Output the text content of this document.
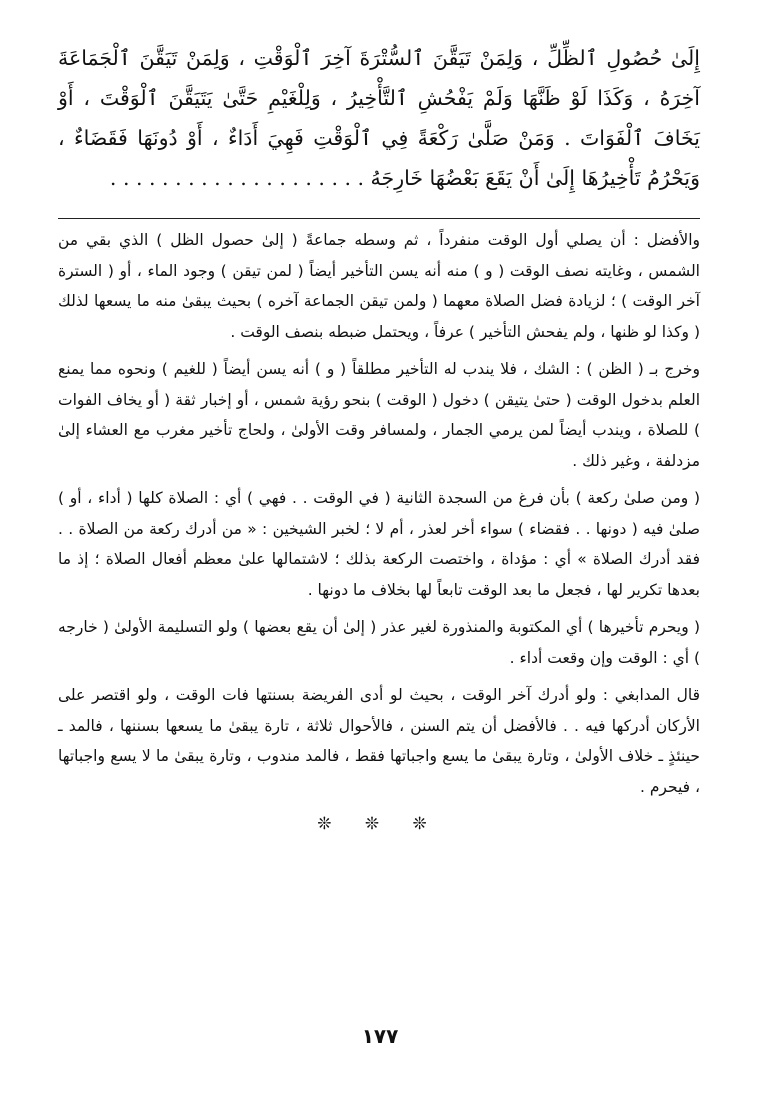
إِلَىٰ حُصُولِ ٱلظِّلِّ ، وَلِمَنْ تَيَقَّنَ ٱلسُّتْرَةَ آخِرَ ٱلْوَقْتِ ، وَلِمَنْ تَيَقَّنَ ٱلْجَمَاعَةَ آخِرَهُ ، وَكَذَا لَوْ ظَنَّهَا وَلَمْ يَفْحُشِ ٱلتَّأْخِيرُ ، وَلِلْغَيْمِ حَتَّىٰ يَتَيَقَّنَ ٱلْوَقْتَ ، أَوْ يَخَافَ ٱلْفَوَاتَ . وَمَنْ صَلَّىٰ رَكْعَةً فِي ٱلْوَقْتِ فَهِيَ أَدَاءٌ ، أَوْ دُونَهَا فَقَضَاءٌ ، وَيَحْرُمُ تَأْخِيرُهَا إِلَىٰ أَنْ يَقَعَ بَعْضُهَا خَارِجَهُ . . . . . . . . . . . . . . . . . . . .

والأفضل : أن يصلي أول الوقت منفرداً ، ثم وسطه جماعةً ( إلىٰ حصول الظل ) الذي بقي من الشمس ، وغايته نصف الوقت ( و ) منه أنه يسن التأخير أيضاً ( لمن تيقن ) وجود الماء ، أو ( السترة آخر الوقت ) ؛ لزيادة فضل الصلاة معهما ( ولمن تيقن الجماعة آخره ) بحيث يبقىٰ منه ما يسعها لذلك ( وكذا لو ظنها ، ولم يفحش التأخير ) عرفاً ، ويحتمل ضبطه بنصف الوقت .

وخرج بـ ( الظن ) : الشك ، فلا يندب له التأخير مطلقاً ( و ) أنه يسن أيضاً ( للغيم ) ونحوه مما يمنع العلم بدخول الوقت ( حتىٰ يتيقن ) دخول ( الوقت ) بنحو رؤية شمس ، أو إخبار ثقة ( أو يخاف الفوات ) للصلاة ، ويندب أيضاً لمن يرمي الجمار ، ولمسافر وقت الأولىٰ ، ولحاج تأخير مغرب مع العشاء إلىٰ مزدلفة ، وغير ذلك .

( ومن صلىٰ ركعة ) بأن فرغ من السجدة الثانية ( في الوقت . . فهي ) أي : الصلاة كلها ( أداء ، أو ) صلىٰ فيه ( دونها . . فقضاء ) سواء أخر لعذر ، أم لا ؛ لخبر الشيخين : « من أدرك ركعة من الصلاة . . فقد أدرك الصلاة » أي : مؤداة ، واختصت الركعة بذلك ؛ لاشتمالها علىٰ معظم أفعال الصلاة ؛ إذ ما بعدها تكرير لها ، فجعل ما بعد الوقت تابعاً لها بخلاف ما دونها .

( ويحرم تأخيرها ) أي المكتوبة والمنذورة لغير عذر ( إلىٰ أن يقع بعضها ) ولو التسليمة الأولىٰ ( خارجه ) أي : الوقت وإن وقعت أداء .

قال المدابغي : ولو أدرك آخر الوقت ، بحيث لو أدى الفريضة بسنتها فات الوقت ، ولو اقتصر على الأركان أدركها فيه . . فالأفضل أن يتم السنن ، فالأحوال ثلاثة ، تارة يبقىٰ ما يسعها بسننها ، فالمد ـ حينئذٍ ـ خلاف الأولىٰ ، وتارة يبقىٰ ما يسع واجباتها فقط ، فالمد مندوب ، وتارة يبقىٰ ما لا يسع واجباتها ، فيحرم .

❊ ❊ ❊
١٧٧
